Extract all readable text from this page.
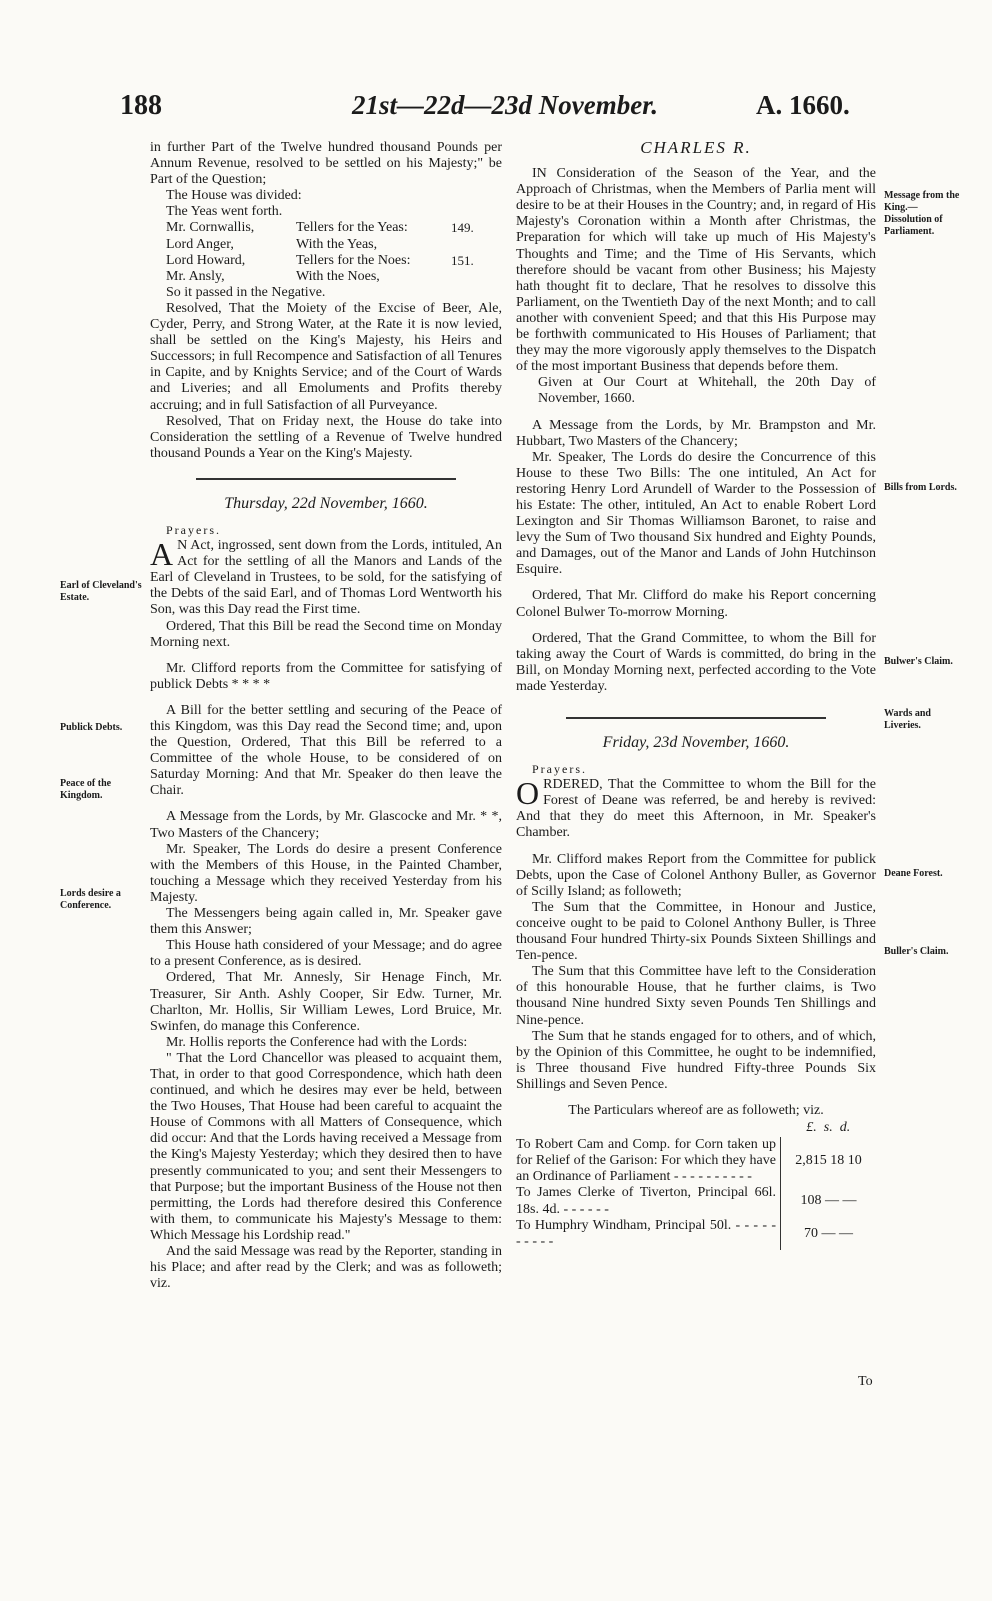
188	21st—22d—23d November.	A. 1660.
Earl of Cleveland's Estate.
Publick Debts.
Peace of the Kingdom.
Lords desire a Conference.
Message from the King.—Dissolution of Parliament.
Bills from Lords.
Bulwer's Claim.
Wards and Liveries.
Deane Forest.
Buller's Claim.

in further Part of the Twelve hundred thousand Pounds per Annum Revenue, resolved to be settled on his Majesty;" be Part of the Question;

The House was divided:

The Yeas went forth.

Mr. Cornwallis,	Tellers for the Yeas:	149.
Lord Anger,	With the Yeas,
Lord Howard,	Tellers for the Noes:	151.
Mr. Ansly,	With the Noes,

So it passed in the Negative.

Resolved, That the Moiety of the Excise of Beer, Ale, Cyder, Perry, and Strong Water, at the Rate it is now levied, shall be settled on the King's Majesty, his Heirs and Successors; in full Recompence and Satisfaction of all Tenures in Capite, and by Knights Service; and of the Court of Wards and Liveries; and all Emoluments and Profits thereby accruing; and in full Satisfaction of all Purveyance.

Resolved, That on Friday next, the House do take into Consideration the settling of a Revenue of Twelve hundred thousand Pounds a Year on the King's Majesty.

Thursday, 22d November, 1660.

Prayers.

A N Act, ingrossed, sent down from the Lords, intituled, An Act for the settling of all the Manors and Lands of the Earl of Cleveland in Trustees, to be sold, for the satisfying of the Debts of the said Earl, and of Thomas Lord Wentworth his Son, was this Day read the First time.

Ordered, That this Bill be read the Second time on Monday Morning next.

Mr. Clifford reports from the Committee for satisfying of publick Debts * * * *

A Bill for the better settling and securing of the Peace of this Kingdom, was this Day read the Second time; and, upon the Question, Ordered, That this Bill be referred to a Committee of the whole House, to be considered of on Saturday Morning: And that Mr. Speaker do then leave the Chair.

A Message from the Lords, by Mr. Glascocke and Mr. * *, Two Masters of the Chancery;

Mr. Speaker, The Lords do desire a present Conference with the Members of this House, in the Painted Chamber, touching a Message which they received Yesterday from his Majesty.

The Messengers being again called in, Mr. Speaker gave them this Answer;

This House hath considered of your Message; and do agree to a present Conference, as is desired.

Ordered, That Mr. Annesly, Sir Henage Finch, Mr. Treasurer, Sir Anth. Ashly Cooper, Sir Edw. Turner, Mr. Charlton, Mr. Hollis, Sir William Lewes, Lord Bruice, Mr. Swinfen, do manage this Conference.

Mr. Hollis reports the Conference had with the Lords:

" That the Lord Chancellor was pleased to acquaint them, That, in order to that good Correspondence, which hath deen continued, and which he desires may ever be held, between the Two Houses, That House had been careful to acquaint the House of Commons with all Matters of Consequence, which did occur: And that the Lords having received a Message from the King's Majesty Yesterday; which they desired then to have presently communicated to you; and sent their Messengers to that Purpose; but the important Business of the House not then permitting, the Lords had therefore desired this Conference with them, to communicate his Majesty's Message to them: Which Message his Lordship read."

And the said Message was read by the Reporter, standing in his Place; and after read by the Clerk; and was as followeth; viz.

CHARLES R.

IN Consideration of the Season of the Year, and the Approach of Christmas, when the Members of Parlia ment will desire to be at their Houses in the Country; and, in regard of His Majesty's Coronation within a Month after Christmas, the Preparation for which will take up much of His Majesty's Thoughts and Time; and the Time of His Servants, which therefore should be vacant from other Business; his Majesty hath thought fit to declare, That he resolves to dissolve this Parliament, on the Twentieth Day of the next Month; and to call another with convenient Speed; and that this His Purpose may be forthwith communicated to His Houses of Parliament; that they may the more vigorously apply themselves to the Dispatch of the most important Business that depends before them.

Given at Our Court at Whitehall, the 20th Day of November, 1660.

A Message from the Lords, by Mr. Brampston and Mr. Hubbart, Two Masters of the Chancery;

Mr. Speaker, The Lords do desire the Concurrence of this House to these Two Bills: The one intituled, An Act for restoring Henry Lord Arundell of Warder to the Possession of his Estate: The other, intituled, An Act to enable Robert Lord Lexington and Sir Thomas Williamson Baronet, to raise and levy the Sum of Two thousand Six hundred and Eighty Pounds, and Damages, out of the Manor and Lands of John Hutchinson Esquire.

Ordered, That Mr. Clifford do make his Report concerning Colonel Bulwer To-morrow Morning.

Ordered, That the Grand Committee, to whom the Bill for taking away the Court of Wards is committed, do bring in the Bill, on Monday Morning next, perfected according to the Vote made Yesterday.

Friday, 23d November, 1660.

Prayers.

ORDERED, That the Committee to whom the Bill for the Forest of Deane was referred, be and hereby is revived: And that they do meet this Afternoon, in Mr. Speaker's Chamber.

Mr. Clifford makes Report from the Committee for publick Debts, upon the Case of Colonel Anthony Buller, as Governor of Scilly Island; as followeth;

The Sum that the Committee, in Honour and Justice, conceive ought to be paid to Colonel Anthony Buller, is Three thousand Four hundred Thirty-six Pounds Sixteen Shillings and Ten-pence.

The Sum that this Committee have left to the Consideration of this honourable House, that he further claims, is Two thousand Nine hundred Sixty seven Pounds Ten Shillings and Nine-pence.

The Sum that he stands engaged for to others, and of which, by the Opinion of this Committee, he ought to be indemnified, is Three thousand Five hundred Fifty-three Pounds Six Shillings and Seven Pence.

The Particulars whereof are as followeth; viz.

	£. s. d.
To Robert Cam and Comp. for Corn taken up for Relief of the Garison: For which they have an Ordinance of Parliament - - - - - - - - - -	2,815 18 10
To James Clerke of Tiverton, Principal 66l. 18s. 4d. - - - - - -	108 — —
To Humphry Windham, Principal 50l. - - - - - - - - - -	70 — —
To
